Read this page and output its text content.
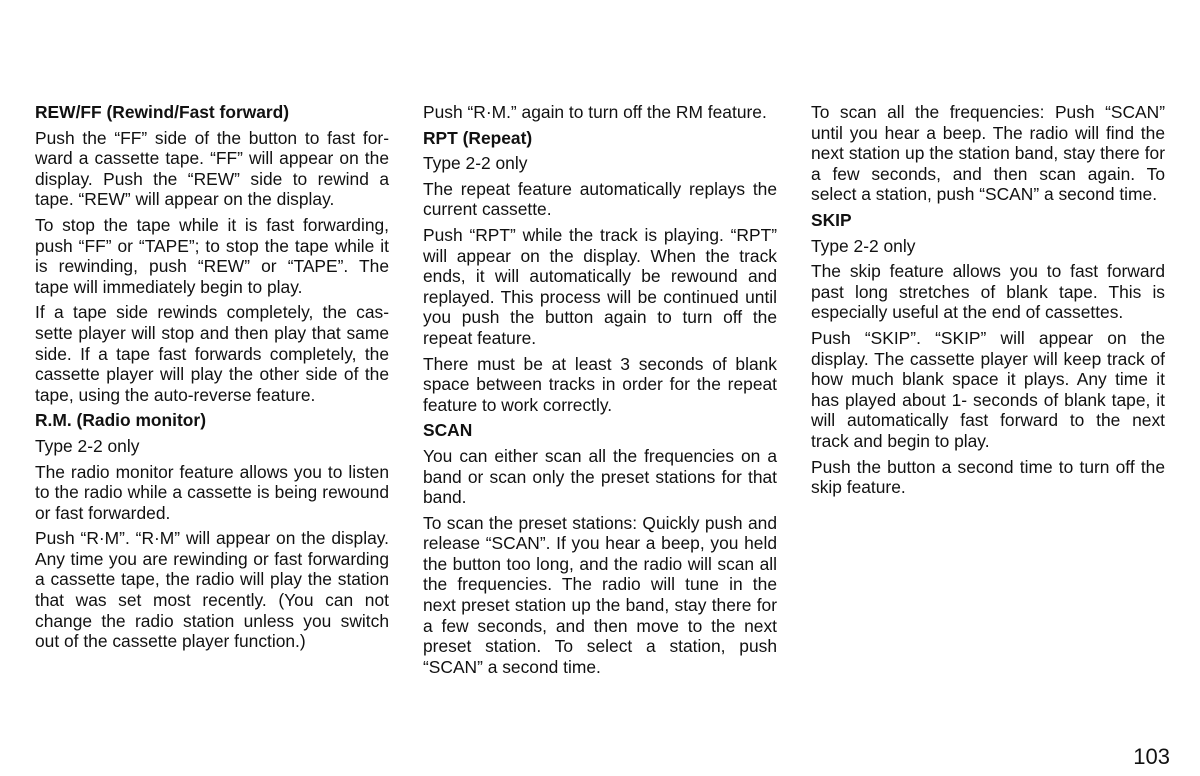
REW/FF (Rewind/Fast forward)

Push the “FF” side of the button to fast forward a cassette tape. “FF” will appear on the display. Push the “REW” side to rewind a tape. “REW” will appear on the display.

To stop the tape while it is fast forwarding, push “FF” or “TAPE”; to stop the tape while it is rewinding, push “REW” or “TAPE”. The tape will immediately begin to play.

If a tape side rewinds completely, the cassette player will stop and then play that same side. If a tape fast forwards completely, the cassette player will play the other side of the tape, using the auto-reverse feature.

R.M. (Radio monitor)

Type 2-2 only

The radio monitor feature allows you to listen to the radio while a cassette is being rewound or fast forwarded.

Push “R·M”. “R·M” will appear on the display. Any time you are rewinding or fast forwarding a cassette tape, the radio will play the station that was set most recently. (You can not change the radio station unless you switch out of the cassette player function.)

Push “R·M.” again to turn off the RM feature.

RPT (Repeat)

Type 2-2 only

The repeat feature automatically replays the current cassette.

Push “RPT” while the track is playing. “RPT” will appear on the display. When the track ends, it will automatically be rewound and replayed. This process will be continued until you push the button again to turn off the repeat feature.

There must be at least 3 seconds of blank space between tracks in order for the repeat feature to work correctly.

SCAN

You can either scan all the frequencies on a band or scan only the preset stations for that band.

To scan the preset stations: Quickly push and release “SCAN”. If you hear a beep, you held the button too long, and the radio will scan all the frequencies. The radio will tune in the next preset station up the band, stay there for a few seconds, and then move to the next preset station. To select a station, push “SCAN” a second time.

To scan all the frequencies: Push “SCAN” until you hear a beep. The radio will find the next station up the station band, stay there for a few seconds, and then scan again. To select a station, push “SCAN” a second time.

SKIP

Type 2-2 only

The skip feature allows you to fast forward past long stretches of blank tape. This is especially useful at the end of cassettes.

Push “SKIP”. “SKIP” will appear on the display. The cassette player will keep track of how much blank space it plays. Any time it has played about 1- seconds of blank tape, it will automatically fast forward to the next track and begin to play.

Push the button a second time to turn off the skip feature.

103
